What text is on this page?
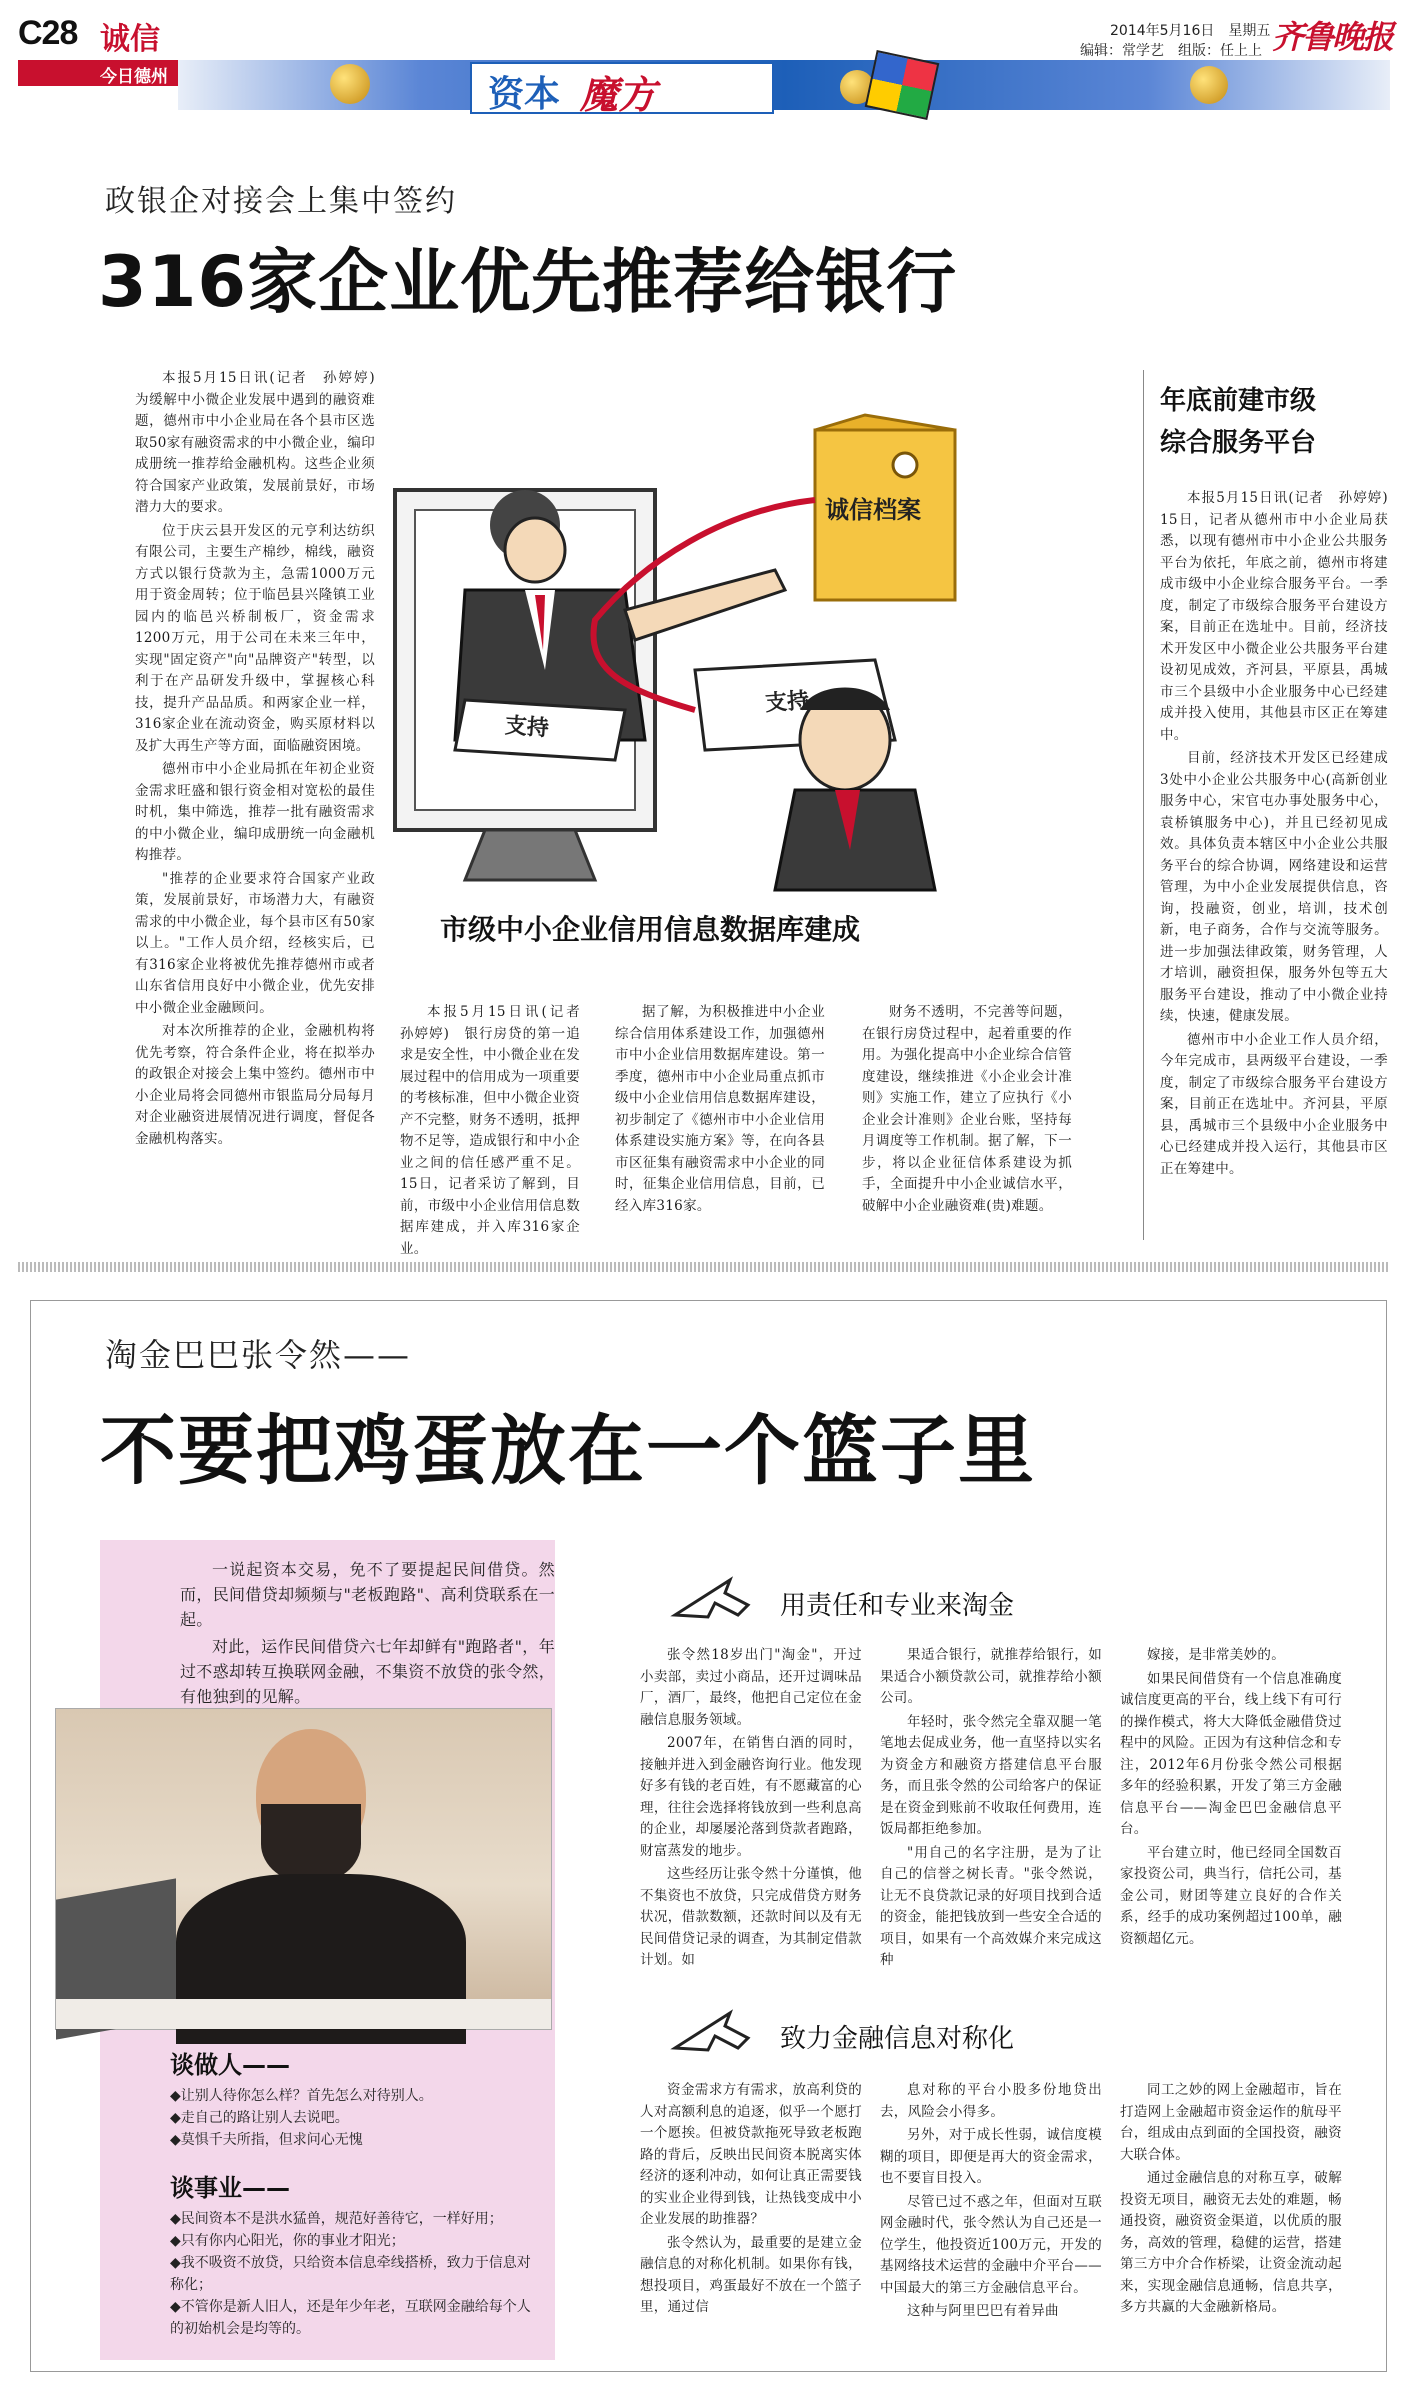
C28 诚信	2014年5月16日　星期五
编辑：常学艺　组版：任上上 齐鲁晚报
今日德州	资本 魔方
政银企对接会上集中签约
316家企业优先推荐给银行

本报5月15日讯(记者　孙婷婷)　为缓解中小微企业发展中遇到的融资难题，德州市中小企业局在各个县市区选取50家有融资需求的中小微企业，编印成册统一推荐给金融机构。这些企业须符合国家产业政策，发展前景好，市场潜力大的要求。

位于庆云县开发区的元亨利达纺织有限公司，主要生产棉纱，棉线，融资方式以银行贷款为主，急需1000万元用于资金周转；位于临邑县兴隆镇工业园内的临邑兴桥制板厂，资金需求1200万元，用于公司在未来三年中，实现"固定资产"向"品牌资产"转型，以利于在产品研发升级中，掌握核心科技，提升产品品质。和两家企业一样，316家企业在流动资金，购买原材料以及扩大再生产等方面，面临融资困境。

德州市中小企业局抓在年初企业资金需求旺盛和银行资金相对宽松的最佳时机，集中筛选，推荐一批有融资需求的中小微企业，编印成册统一向金融机构推荐。

"推荐的企业要求符合国家产业政策，发展前景好，市场潜力大，有融资需求的中小微企业，每个县市区有50家以上。"工作人员介绍，经核实后，已有316家企业将被优先推荐德州市或者山东省信用良好中小微企业，优先安排中小微企业金融顾问。

对本次所推荐的企业，金融机构将优先考察，符合条件企业，将在拟举办的政银企对接会上集中签约。德州市中小企业局将会同德州市银监局分局每月对企业融资进展情况进行调度，督促各金融机构落实。

诚信档案
支持
支持
年底前建市级
综合服务平台

本报5月15日讯(记者　孙婷婷)　15日，记者从德州市中小企业局获悉，以现有德州市中小企业公共服务平台为依托，年底之前，德州市将建成市级中小企业综合服务平台。一季度，制定了市级综合服务平台建设方案，目前正在选址中。目前，经济技术开发区中小微企业公共服务平台建设初见成效，齐河县，平原县，禹城市三个县级中小企业服务中心已经建成并投入使用，其他县市区正在筹建中。

目前，经济技术开发区已经建成3处中小企业公共服务中心(高新创业服务中心，宋官屯办事处服务中心，袁桥镇服务中心)，并且已经初见成效。具体负责本辖区中小企业公共服务平台的综合协调，网络建设和运营管理，为中小企业发展提供信息，咨询，投融资，创业，培训，技术创新，电子商务，合作与交流等服务。进一步加强法律政策，财务管理，人才培训，融资担保，服务外包等五大服务平台建设，推动了中小微企业持续，快速，健康发展。

德州市中小企业工作人员介绍，今年完成市，县两级平台建设，一季度，制定了市级综合服务平台建设方案，目前正在选址中。齐河县，平原县，禹城市三个县级中小企业服务中心已经建成并投入运行，其他县市区正在筹建中。

市级中小企业信用信息数据库建成

本报5月15日讯(记者　孙婷婷)　银行房贷的第一追求是安全性，中小微企业在发展过程中的信用成为一项重要的考核标准，但中小微企业资产不完整，财务不透明，抵押物不足等，造成银行和中小企业之间的信任感严重不足。15日，记者采访了解到，目前，市级中小企业信用信息数据库建成，并入库316家企业。

据了解，为积极推进中小企业综合信用体系建设工作，加强德州市中小企业信用数据库建设。第一季度，德州市中小企业局重点抓市级中小企业信用信息数据库建设，初步制定了《德州市中小企业信用体系建设实施方案》等，在向各县市区征集有融资需求中小企业的同时，征集企业信用信息，目前，已经入库316家。

财务不透明，不完善等问题，在银行房贷过程中，起着重要的作用。为强化提高中小企业综合信管度建设，继续推进《小企业会计准则》实施工作，建立了应执行《小企业会计准则》企业台账，坚持每月调度等工作机制。据了解，下一步，将以企业征信体系建设为抓手，全面提升中小企业诚信水平，破解中小企业融资难(贵)难题。

淘金巴巴张令然——
不要把鸡蛋放在一个篮子里

一说起资本交易，免不了要提起民间借贷。然而，民间借贷却频频与"老板跑路"、高利贷联系在一起。

对此，运作民间借贷六七年却鲜有"跑路者"，年过不惑却转互换联网金融，不集资不放贷的张令然，有他独到的见解。

谈做人——
◆让别人待你怎么样？首先怎么对待别人。
◆走自己的路让别人去说吧。
◆莫惧千夫所指，但求问心无愧
谈事业——
◆民间资本不是洪水猛兽，规范好善待它，一样好用；
◆只有你内心阳光，你的事业才阳光；
◆我不吸资不放贷，只给资本信息牵线搭桥，致力于信息对称化；
◆不管你是新人旧人，还是年少年老，互联网金融给每个人的初始机会是均等的。
用责任和专业来淘金

张令然18岁出门"淘金"，开过小卖部，卖过小商品，还开过调味品厂，酒厂，最终，他把自己定位在金融信息服务领域。

2007年，在销售白酒的同时，接触并进入到金融咨询行业。他发现好多有钱的老百姓，有不愿藏富的心理，往往会选择将钱放到一些利息高的企业，却屡屡沦落到贷款者跑路，财富蒸发的地步。

这些经历让张令然十分谨慎，他不集资也不放贷，只完成借贷方财务状况，借款数额，还款时间以及有无民间借贷记录的调查，为其制定借款计划。如

果适合银行，就推荐给银行，如果适合小额贷款公司，就推荐给小额公司。

年轻时，张令然完全靠双腿一笔笔地去促成业务，他一直坚持以实名为资金方和融资方搭建信息平台服务，而且张令然的公司给客户的保证是在资金到账前不收取任何费用，连饭局都拒绝参加。

"用自己的名字注册，是为了让自己的信誉之树长青。"张令然说，让无不良贷款记录的好项目找到合适的资金，能把钱放到一些安全合适的项目，如果有一个高效媒介来完成这种

嫁接，是非常美妙的。

如果民间借贷有一个信息准确度诚信度更高的平台，线上线下有可行的操作模式，将大大降低金融借贷过程中的风险。正因为有这种信念和专注，2012年6月份张令然公司根据多年的经验积累，开发了第三方金融信息平台——淘金巴巴金融信息平台。

平台建立时，他已经同全国数百家投资公司，典当行，信托公司，基金公司，财团等建立良好的合作关系，经手的成功案例超过100单，融资额超亿元。

致力金融信息对称化

资金需求方有需求，放高利贷的人对高额利息的追逐，似乎一个愿打一个愿挨。但被贷款拖死导致老板跑路的背后，反映出民间资本脱离实体经济的逐利冲动，如何让真正需要钱的实业企业得到钱，让热钱变成中小企业发展的助推器？

张令然认为，最重要的是建立金融信息的对称化机制。如果你有钱，想投项目，鸡蛋最好不放在一个篮子里，通过信

息对称的平台小股多份地贷出去，风险会小得多。

另外，对于成长性弱，诚信度模糊的项目，即便是再大的资金需求，也不要盲目投入。

尽管已过不惑之年，但面对互联网金融时代，张令然认为自己还是一位学生，他投资近100万元，开发的基网络技术运营的金融中介平台——中国最大的第三方金融信息平台。

这种与阿里巴巴有着异曲

同工之妙的网上金融超市，旨在打造网上金融超市资金运作的航母平台，组成由点到面的全国投资，融资大联合体。

通过金融信息的对称互享，破解投资无项目，融资无去处的难题，畅通投资，融资资金渠道，以优质的服务，高效的管理，稳健的运营，搭建第三方中介合作桥梁，让资金流动起来，实现金融信息通畅，信息共享，多方共赢的大金融新格局。
